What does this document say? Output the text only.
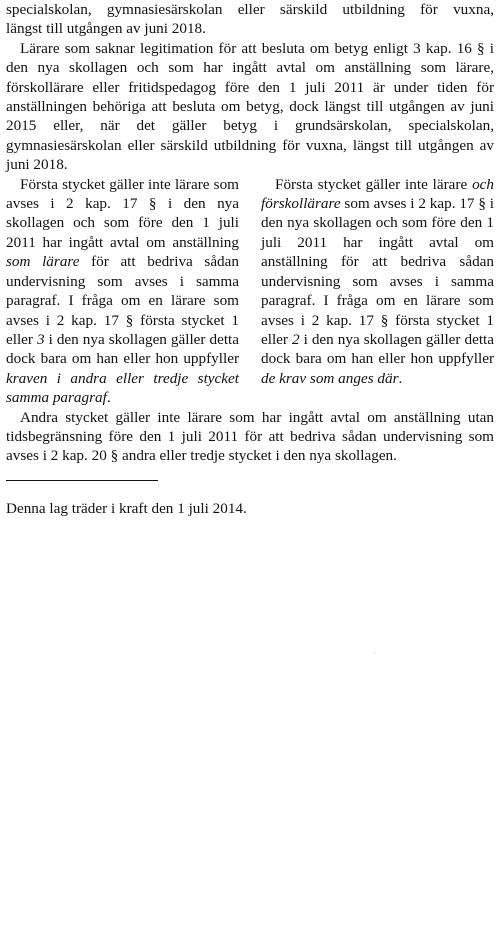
specialskolan, gymnasiesärskolan eller särskild utbildning för vuxna,

längst till utgången av juni 2018.

Lärare som saknar legitimation för att besluta om betyg enligt 3 kap. 16 § i den nya skollagen och som har ingått avtal om anställning som lärare, förskollärare eller fritidspedagog före den 1 juli 2011 är under tiden för anställningen behöriga att besluta om betyg, dock längst till utgången av juni 2015 eller, när det gäller betyg i grundsärskolan, specialskolan, gymnasiesärskolan eller särskild utbildning för vuxna, längst till utgången av juni 2018.

Första stycket gäller inte lärare som avses i 2 kap. 17 § i den nya skollagen och som före den 1 juli 2011 har ingått avtal om anställning som lärare för att bedriva sådan undervisning som avses i samma paragraf. I fråga om en lärare som avses i 2 kap. 17 § första stycket 1 eller 3 i den nya skollagen gäller detta dock bara om han eller hon uppfyller kraven i andra eller tredje stycket samma paragraf.

Första stycket gäller inte lärare och förskollärare som avses i 2 kap. 17 § i den nya skollagen och som före den 1 juli 2011 har ingått avtal om anställning för att bedriva sådan undervisning som avses i samma paragraf. I fråga om en lärare som avses i 2 kap. 17 § första stycket 1 eller 2 i den nya skollagen gäller detta dock bara om han eller hon uppfyller de krav som anges där.

Andra stycket gäller inte lärare som har ingått avtal om anställning utan tidsbegränsning före den 1 juli 2011 för att bedriva sådan undervisning som avses i 2 kap. 20 § andra eller tredje stycket i den nya skollagen.

Denna lag träder i kraft den 1 juli 2014.
